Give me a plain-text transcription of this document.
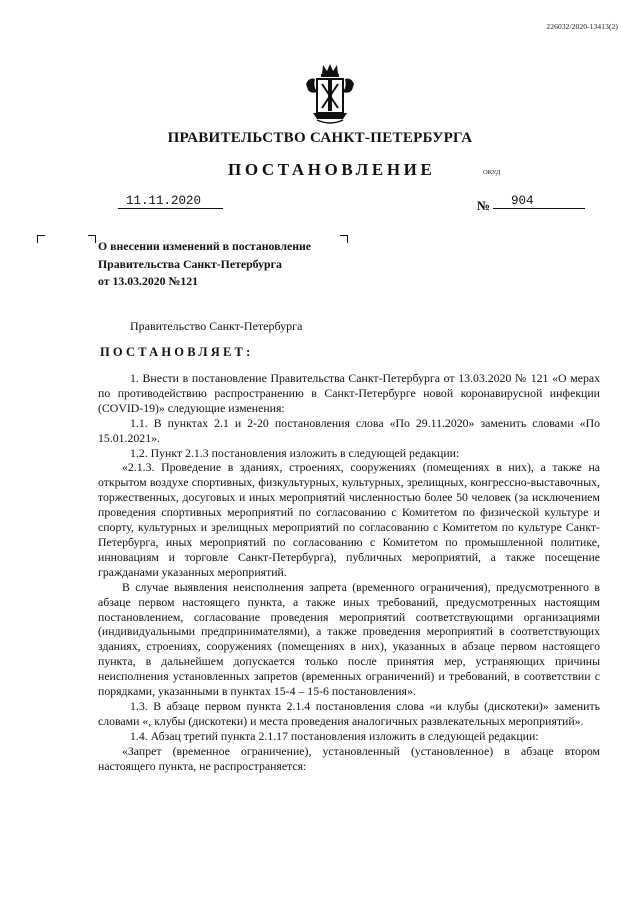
226032/2020-13413(2)
ПРАВИТЕЛЬСТВО САНКТ-ПЕТЕРБУРГА
ПОСТАНОВЛЕНИЕ	ОКУД
11.11.2020	№	904
О внесении изменений в постановление
Правительства Санкт-Петербурга
от 13.03.2020 №121
Правительство Санкт-Петербурга
ПОСТАНОВЛЯЕТ:

1. Внести в постановление Правительства Санкт-Петербурга от 13.03.2020 № 121 «О мерах по противодействию распространению в Санкт-Петербурге новой коронавирусной инфекции (COVID-19)» следующие изменения:

1.1. В пунктах 2.1 и 2-20 постановления слова «По 29.11.2020» заменить словами «По 15.01.2021».

1.2. Пункт 2.1.3 постановления изложить в следующей редакции:

«2.1.3. Проведение в зданиях, строениях, сооружениях (помещениях в них), а также на открытом воздухе спортивных, физкультурных, культурных, зрелищных, конгрессно-выставочных, торжественных, досуговых и иных мероприятий численностью более 50 человек (за исключением проведения спортивных мероприятий по согласованию с Комитетом по физической культуре и спорту, культурных и зрелищных мероприятий по согласованию с Комитетом по культуре Санкт-Петербурга, иных мероприятий по согласованию с Комитетом по промышленной политике, инновациям и торговле Санкт-Петербурга), публичных мероприятий, а также посещение гражданами указанных мероприятий.

В случае выявления неисполнения запрета (временного ограничения), предусмотренного в абзаце первом настоящего пункта, а также иных требований, предусмотренных настоящим постановлением, согласование проведения мероприятий соответствующими организациями (индивидуальными предпринимателями), а также проведения мероприятий в соответствующих зданиях, строениях, сооружениях (помещениях в них), указанных в абзаце первом настоящего пункта, в дальнейшем допускается только после принятия мер, устраняющих причины неисполнения установленных запретов (временных ограничений) и требований, в соответствии с порядками, указанными в пунктах 15-4 – 15-6 постановления».

1.3. В абзаце первом пункта 2.1.4 постановления слова «и клубы (дискотеки)» заменить словами «, клубы (дискотеки) и места проведения аналогичных развлекательных мероприятий».

1.4. Абзац третий пункта 2.1.17 постановления изложить в следующей редакции:

«Запрет (временное ограничение), установленный (установленное) в абзаце втором настоящего пункта, не распространяется:
